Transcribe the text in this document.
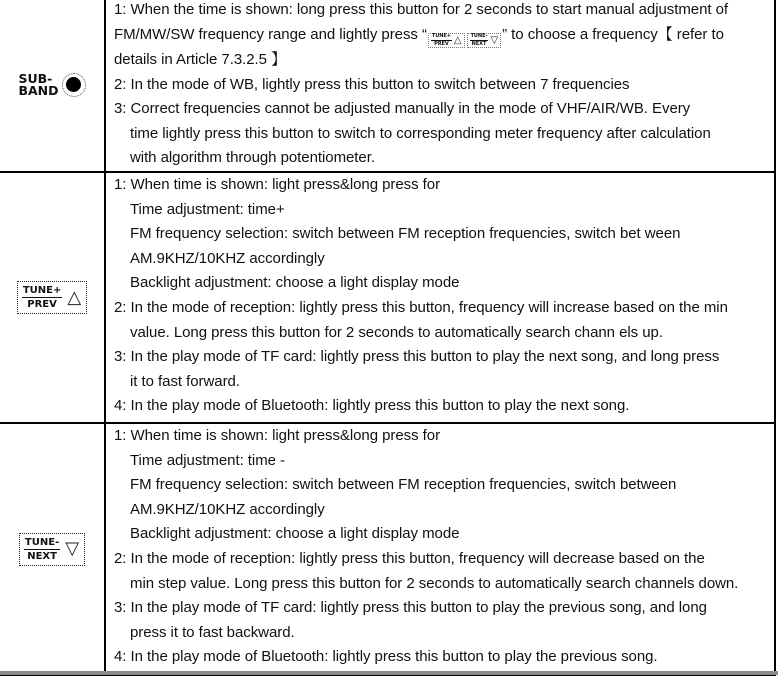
SUB-
BAND

1: When the time is shown: long press this button for 2 seconds to start manual adjustment of
FM/MW/SW frequency range and lightly press “ TUNE+
PREV △ TUNE-
NEXT ▽ ” to choose a frequency【 refer to
details in Article 7.3.2.5 】
2: In the mode of WB, lightly press this button to switch between 7 frequencies
3: Correct frequencies cannot be adjusted manually in the mode of VHF/AIR/WB. Every
time lightly press this button to switch to corresponding meter frequency after calculation
with algorithm through potentiometer.

TUNE+
PREV △

1: When time is shown: light press&long press for
Time adjustment: time+
FM frequency selection: switch between FM reception frequencies, switch bet ween
AM.9KHZ/10KHZ accordingly
Backlight adjustment: choose a light display mode
2: In the mode of reception: lightly press this button, frequency will increase based on the min
value. Long press this button for 2 seconds to automatically search chann els up.
3: In the play mode of TF card: lightly press this button to play the next song, and long press
it to fast forward.
4: In the play mode of Bluetooth: lightly press this button to play the next song.

TUNE-
NEXT ▽

1: When time is shown: light press&long press for
Time adjustment: time -
FM frequency selection: switch between FM reception frequencies, switch between
AM.9KHZ/10KHZ accordingly
Backlight adjustment: choose a light display mode
2: In the mode of reception: lightly press this button, frequency will decrease based on the
min step value. Long press this button for 2 seconds to automatically search channels down.
3: In the play mode of TF card: lightly press this button to play the previous song, and long
press it to fast backward.
4: In the play mode of Bluetooth: lightly press this button to play the previous song.
